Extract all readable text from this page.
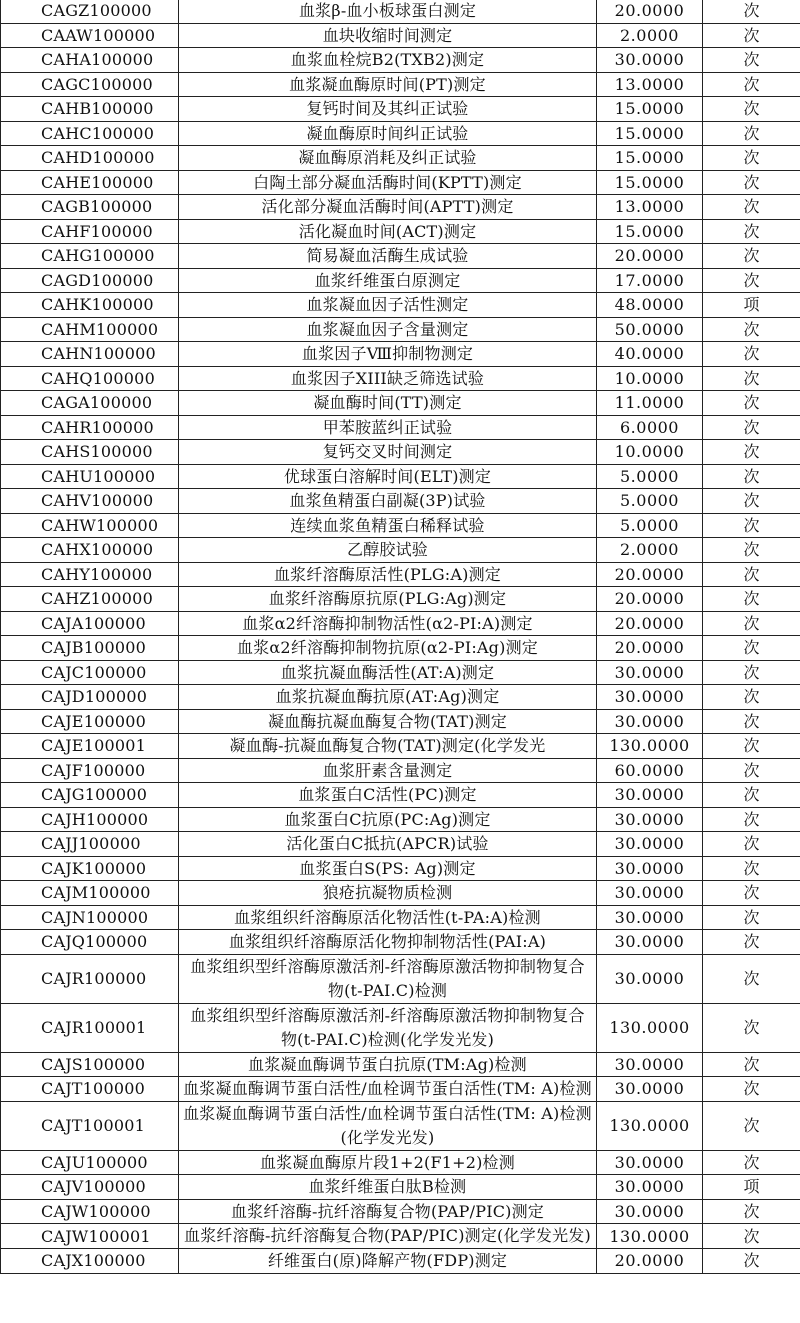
CAGZ100000	血浆β-血小板球蛋白测定	20.0000	次
CAAW100000	血块收缩时间测定	2.0000	次
CAHA100000	血浆血栓烷B2(TXB2)测定	30.0000	次
CAGC100000	血浆凝血酶原时间(PT)测定	13.0000	次
CAHB100000	复钙时间及其纠正试验	15.0000	次
CAHC100000	凝血酶原时间纠正试验	15.0000	次
CAHD100000	凝血酶原消耗及纠正试验	15.0000	次
CAHE100000	白陶土部分凝血活酶时间(KPTT)测定	15.0000	次
CAGB100000	活化部分凝血活酶时间(APTT)测定	13.0000	次
CAHF100000	活化凝血时间(ACT)测定	15.0000	次
CAHG100000	简易凝血活酶生成试验	20.0000	次
CAGD100000	血浆纤维蛋白原测定	17.0000	次
CAHK100000	血浆凝血因子活性测定	48.0000	项
CAHM100000	血浆凝血因子含量测定	50.0000	次
CAHN100000	血浆因子Ⅷ抑制物测定	40.0000	次
CAHQ100000	血浆因子XIII缺乏筛选试验	10.0000	次
CAGA100000	凝血酶时间(TT)测定	11.0000	次
CAHR100000	甲苯胺蓝纠正试验	6.0000	次
CAHS100000	复钙交叉时间测定	10.0000	次
CAHU100000	优球蛋白溶解时间(ELT)测定	5.0000	次
CAHV100000	血浆鱼精蛋白副凝(3P)试验	5.0000	次
CAHW100000	连续血浆鱼精蛋白稀释试验	5.0000	次
CAHX100000	乙醇胶试验	2.0000	次
CAHY100000	血浆纤溶酶原活性(PLG:A)测定	20.0000	次
CAHZ100000	血浆纤溶酶原抗原(PLG:Ag)测定	20.0000	次
CAJA100000	血浆α2纤溶酶抑制物活性(α2-PI:A)测定	20.0000	次
CAJB100000	血浆α2纤溶酶抑制物抗原(α2-PI:Ag)测定	20.0000	次
CAJC100000	血浆抗凝血酶活性(AT:A)测定	30.0000	次
CAJD100000	血浆抗凝血酶抗原(AT:Ag)测定	30.0000	次
CAJE100000	凝血酶抗凝血酶复合物(TAT)测定	30.0000	次
CAJE100001	凝血酶-抗凝血酶复合物(TAT)测定(化学发光	130.0000	次
CAJF100000	血浆肝素含量测定	60.0000	次
CAJG100000	血浆蛋白C活性(PC)测定	30.0000	次
CAJH100000	血浆蛋白C抗原(PC:Ag)测定	30.0000	次
CAJJ100000	活化蛋白C抵抗(APCR)试验	30.0000	次
CAJK100000	血浆蛋白S(PS: Ag)测定	30.0000	次
CAJM100000	狼疮抗凝物质检测	30.0000	次
CAJN100000	血浆组织纤溶酶原活化物活性(t-PA:A)检测	30.0000	次
CAJQ100000	血浆组织纤溶酶原活化物抑制物活性(PAI:A)	30.0000	次
CAJR100000	血浆组织型纤溶酶原激活剂-纤溶酶原激活物抑制物复合物(t-PAI.C)检测	30.0000	次
CAJR100001	血浆组织型纤溶酶原激活剂-纤溶酶原激活物抑制物复合物(t-PAI.C)检测(化学发光发)	130.0000	次
CAJS100000	血浆凝血酶调节蛋白抗原(TM:Ag)检测	30.0000	次
CAJT100000	血浆凝血酶调节蛋白活性/血栓调节蛋白活性(TM: A)检测	30.0000	次
CAJT100001	血浆凝血酶调节蛋白活性/血栓调节蛋白活性(TM: A)检测(化学发光发)	130.0000	次
CAJU100000	血浆凝血酶原片段1+2(F1+2)检测	30.0000	次
CAJV100000	血浆纤维蛋白肽B检测	30.0000	项
CAJW100000	血浆纤溶酶-抗纤溶酶复合物(PAP/PIC)测定	30.0000	次
CAJW100001	血浆纤溶酶-抗纤溶酶复合物(PAP/PIC)测定(化学发光发)	130.0000	次
CAJX100000	纤维蛋白(原)降解产物(FDP)测定	20.0000	次
